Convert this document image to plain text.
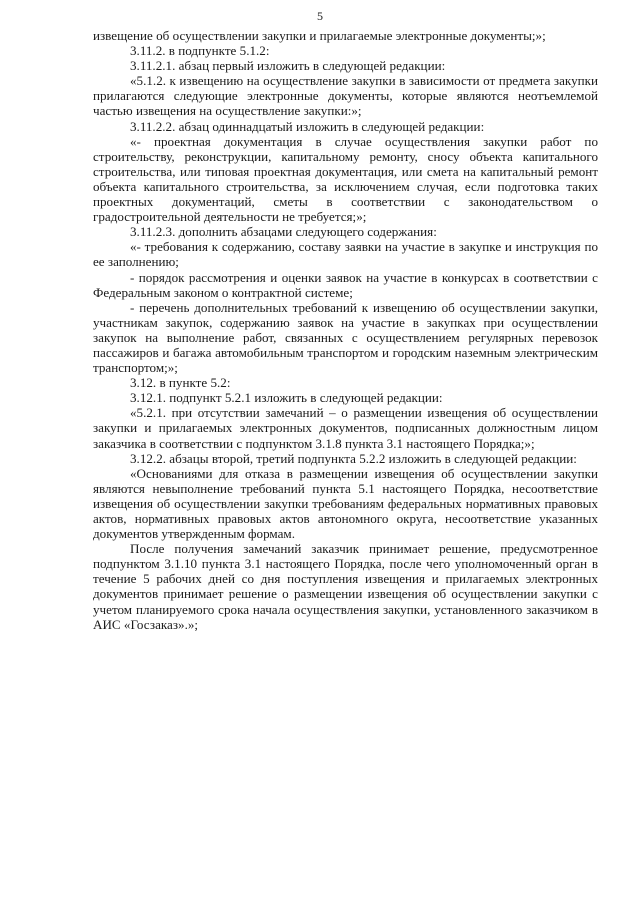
5

извещение об осуществлении закупки и прилагаемые электронные документы;»;

3.11.2. в подпункте 5.1.2:

3.11.2.1. абзац первый изложить в следующей редакции:

«5.1.2. к извещению на осуществление закупки в зависимости от предмета закупки прилагаются следующие электронные документы, которые являются неотъемлемой частью извещения на осуществление закупки:»;

3.11.2.2. абзац одиннадцатый изложить в следующей редакции:

«- проектная документация в случае осуществления закупки работ по строительству, реконструкции, капитальному ремонту, сносу объекта капитального строительства, или типовая проектная документация, или смета на капитальный ремонт объекта капитального строительства, за исключением случая, если подготовка таких проектных документаций, сметы в соответствии с законодательством о градостроительной деятельности не требуется;»;

3.11.2.3. дополнить абзацами следующего содержания:

«- требования к содержанию, составу заявки на участие в закупке и инструкция по ее заполнению;

- порядок рассмотрения и оценки заявок на участие в конкурсах в соответствии с Федеральным законом о контрактной системе;

- перечень дополнительных требований к извещению об осуществлении закупки, участникам закупок, содержанию заявок на участие в закупках при осуществлении закупок на выполнение работ, связанных с осуществлением регулярных перевозок пассажиров и багажа автомобильным транспортом и городским наземным электрическим транспортом;»;

3.12. в пункте 5.2:

3.12.1. подпункт 5.2.1 изложить в следующей редакции:

«5.2.1. при отсутствии замечаний – о размещении извещения об осуществлении закупки и прилагаемых электронных документов, подписанных должностным лицом заказчика в соответствии с подпунктом 3.1.8 пункта 3.1 настоящего Порядка;»;

3.12.2. абзацы второй, третий подпункта 5.2.2 изложить в следующей редакции:

«Основаниями для отказа в размещении извещения об осуществлении закупки являются невыполнение требований пункта 5.1 настоящего Порядка, несоответствие извещения об осуществлении закупки требованиям федеральных нормативных правовых актов, нормативных правовых актов автономного округа, несоответствие указанных документов утвержденным формам.

После получения замечаний заказчик принимает решение, предусмотренное подпунктом 3.1.10 пункта 3.1 настоящего Порядка, после чего уполномоченный орган в течение 5 рабочих дней со дня поступления извещения и прилагаемых электронных документов принимает решение о размещении извещения об осуществлении закупки с учетом планируемого срока начала осуществления закупки, установленного заказчиком в АИС «Госзаказ».»;
